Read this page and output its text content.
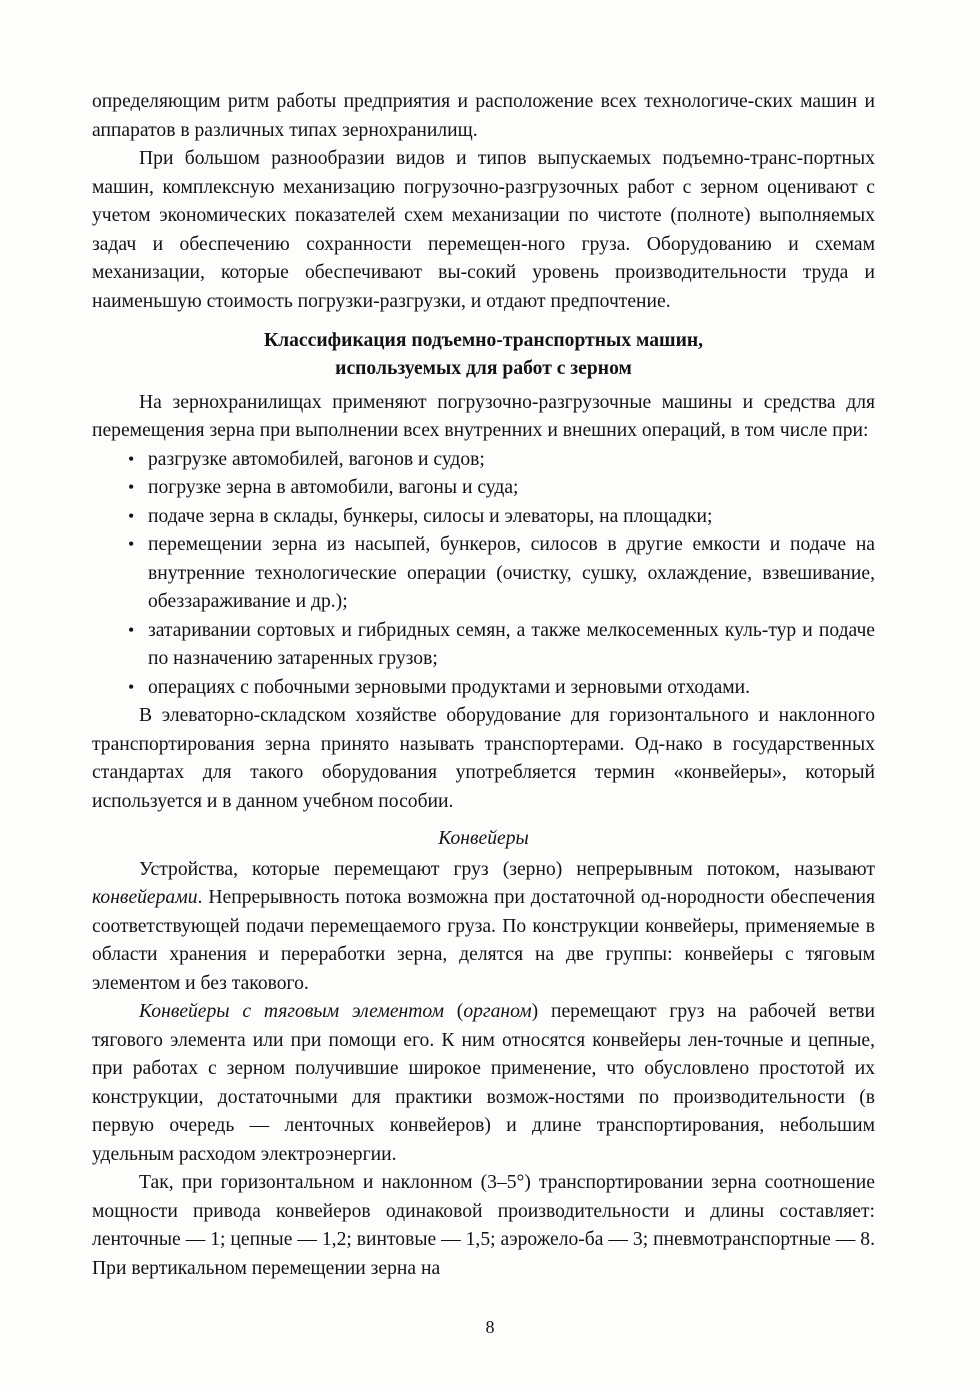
определяющим ритм работы предприятия и расположение всех технологиче-ских машин и аппаратов в различных типах зернохранилищ.

При большом разнообразии видов и типов выпускаемых подъемно-транс-портных машин, комплексную механизацию погрузочно-разгрузочных работ с зерном оценивают с учетом экономических показателей схем механизации по чистоте (полноте) выполняемых задач и обеспечению сохранности перемещен-ного груза. Оборудованию и схемам механизации, которые обеспечивают вы-сокий уровень производительности труда и наименьшую стоимость погрузки-разгрузки, и отдают предпочтение.

Классификация подъемно-транспортных машин,
используемых для работ с зерном

На зернохранилищах применяют погрузочно-разгрузочные машины и средства для перемещения зерна при выполнении всех внутренних и внешних операций, в том числе при:

• разгрузке автомобилей, вагонов и судов;
• погрузке зерна в автомобили, вагоны и суда;
• подаче зерна в склады, бункеры, силосы и элеваторы, на площадки;
• перемещении зерна из насыпей, бункеров, силосов в другие емкости и подаче на внутренние технологические операции (очистку, сушку, охлаждение, взвешивание, обеззараживание и др.);
• затаривании сортовых и гибридных семян, а также мелкосеменных куль-тур и подаче по назначению затаренных грузов;
• операциях с побочными зерновыми продуктами и зерновыми отходами.

В элеваторно-складском хозяйстве оборудование для горизонтального и наклонного транспортирования зерна принято называть транспортерами. Од-нако в государственных стандартах для такого оборудования употребляется термин «конвейеры», который используется и в данном учебном пособии.

Конвейеры

Устройства, которые перемещают груз (зерно) непрерывным потоком, называют конвейерами. Непрерывность потока возможна при достаточной од-нородности обеспечения соответствующей подачи перемещаемого груза. По конструкции конвейеры, применяемые в области хранения и переработки зерна, делятся на две группы: конвейеры с тяговым элементом и без такового.

Конвейеры с тяговым элементом (органом) перемещают груз на рабочей ветви тягового элемента или при помощи его. К ним относятся конвейеры лен-точные и цепные, при работах с зерном получившие широкое применение, что обусловлено простотой их конструкции, достаточными для практики возмож-ностями по производительности (в первую очередь — ленточных конвейеров) и длине транспортирования, небольшим удельным расходом электроэнергии.

Так, при горизонтальном и наклонном (3–5°) транспортировании зерна соотношение мощности привода конвейеров одинаковой производительности и длины составляет: ленточные — 1; цепные — 1,2; винтовые — 1,5; аэрожело-ба — 3; пневмотранспортные — 8. При вертикальном перемещении зерна на

8
